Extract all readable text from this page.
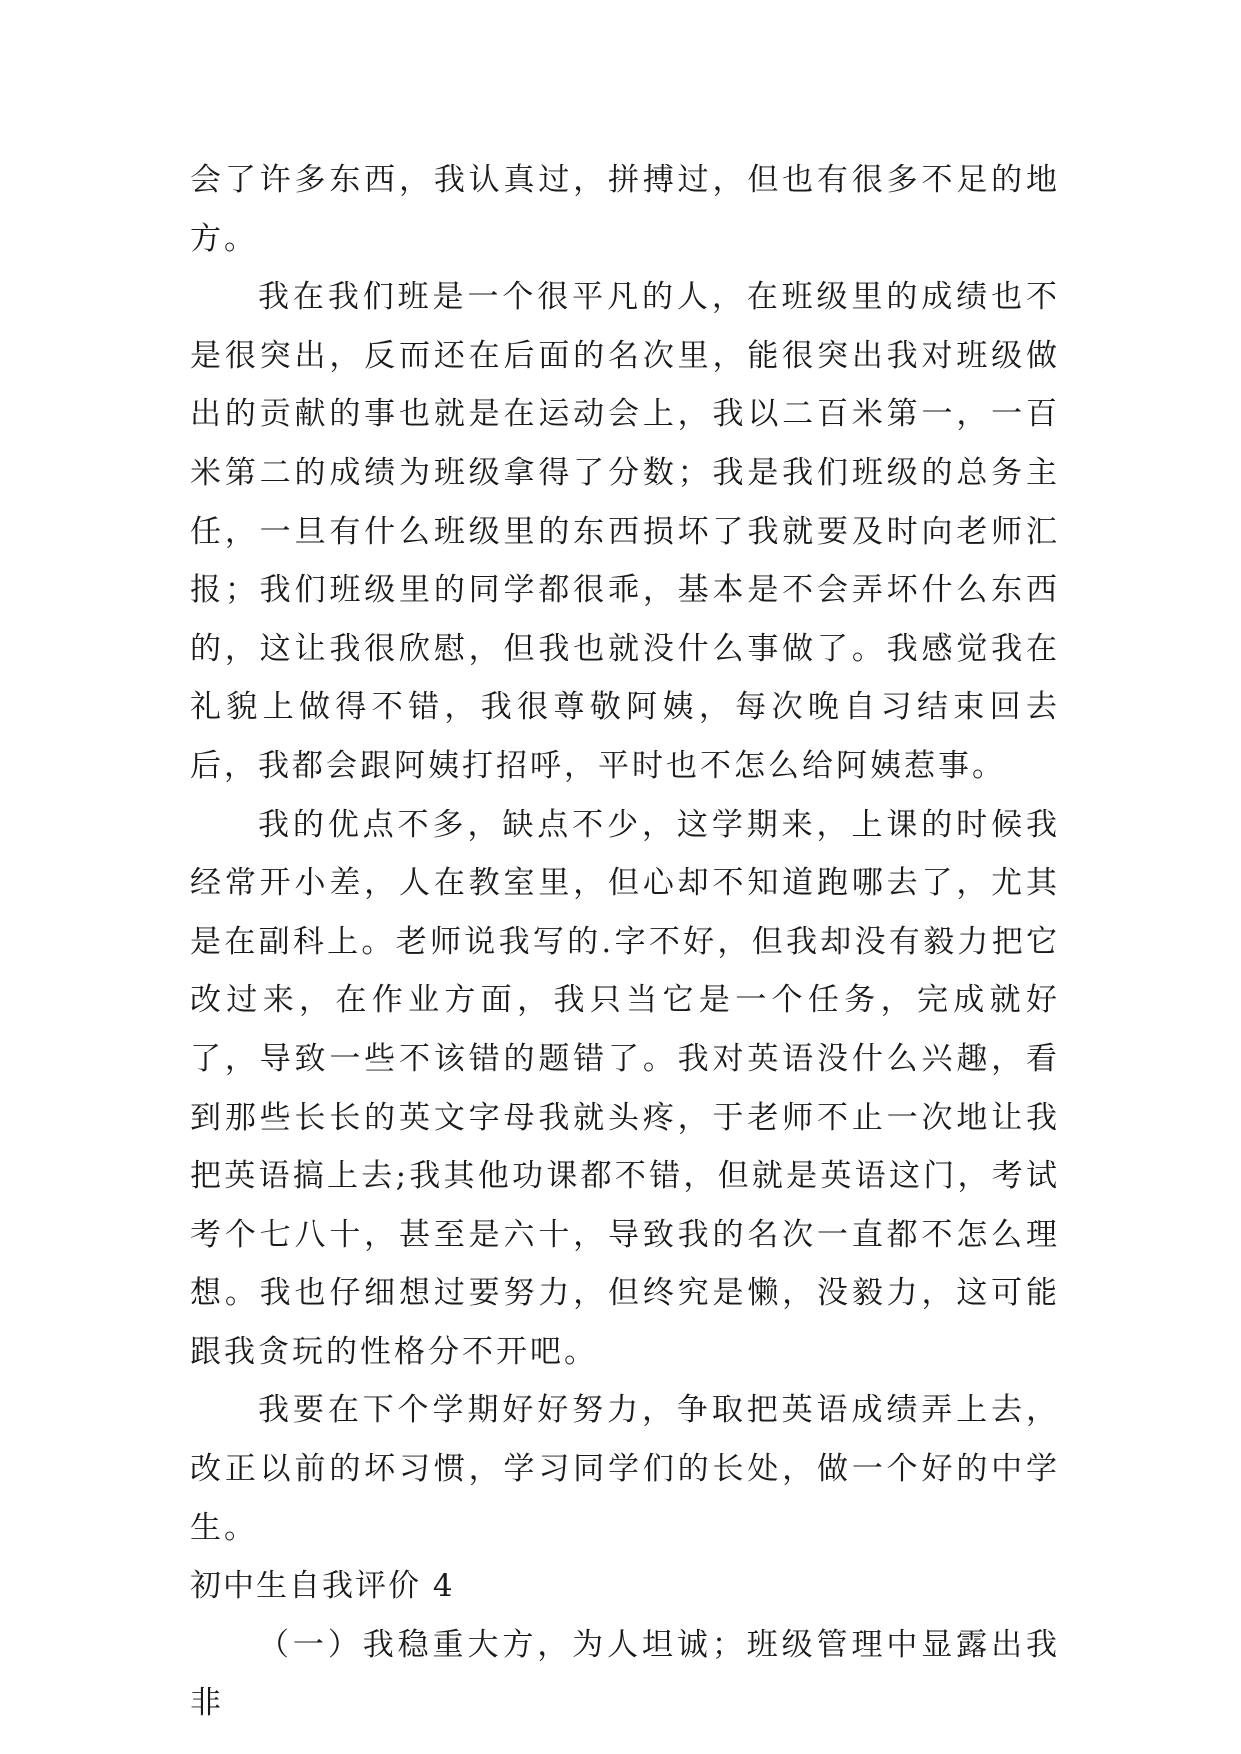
会了许多东西，我认真过，拼搏过，但也有很多不足的地方。

我在我们班是一个很平凡的人，在班级里的成绩也不是很突出，反而还在后面的名次里，能很突出我对班级做出的贡献的事也就是在运动会上，我以二百米第一，一百米第二的成绩为班级拿得了分数；我是我们班级的总务主任，一旦有什么班级里的东西损坏了我就要及时向老师汇报；我们班级里的同学都很乖，基本是不会弄坏什么东西的，这让我很欣慰，但我也就没什么事做了。我感觉我在礼貌上做得不错，我很尊敬阿姨，每次晚自习结束回去后，我都会跟阿姨打招呼，平时也不怎么给阿姨惹事。

我的优点不多，缺点不少，这学期来，上课的时候我经常开小差，人在教室里，但心却不知道跑哪去了，尤其是在副科上。老师说我写的.字不好，但我却没有毅力把它改过来，在作业方面，我只当它是一个任务，完成就好了，导致一些不该错的题错了。我对英语没什么兴趣，看到那些长长的英文字母我就头疼，于老师不止一次地让我把英语搞上去;我其他功课都不错，但就是英语这门，考试考个七八十，甚至是六十，导致我的名次一直都不怎么理想。我也仔细想过要努力，但终究是懒，没毅力，这可能跟我贪玩的性格分不开吧。

我要在下个学期好好努力，争取把英语成绩弄上去，改正以前的坏习惯，学习同学们的长处，做一个好的中学生。

初中生自我评价 4

（一）我稳重大方，为人坦诚；班级管理中显露出我非
